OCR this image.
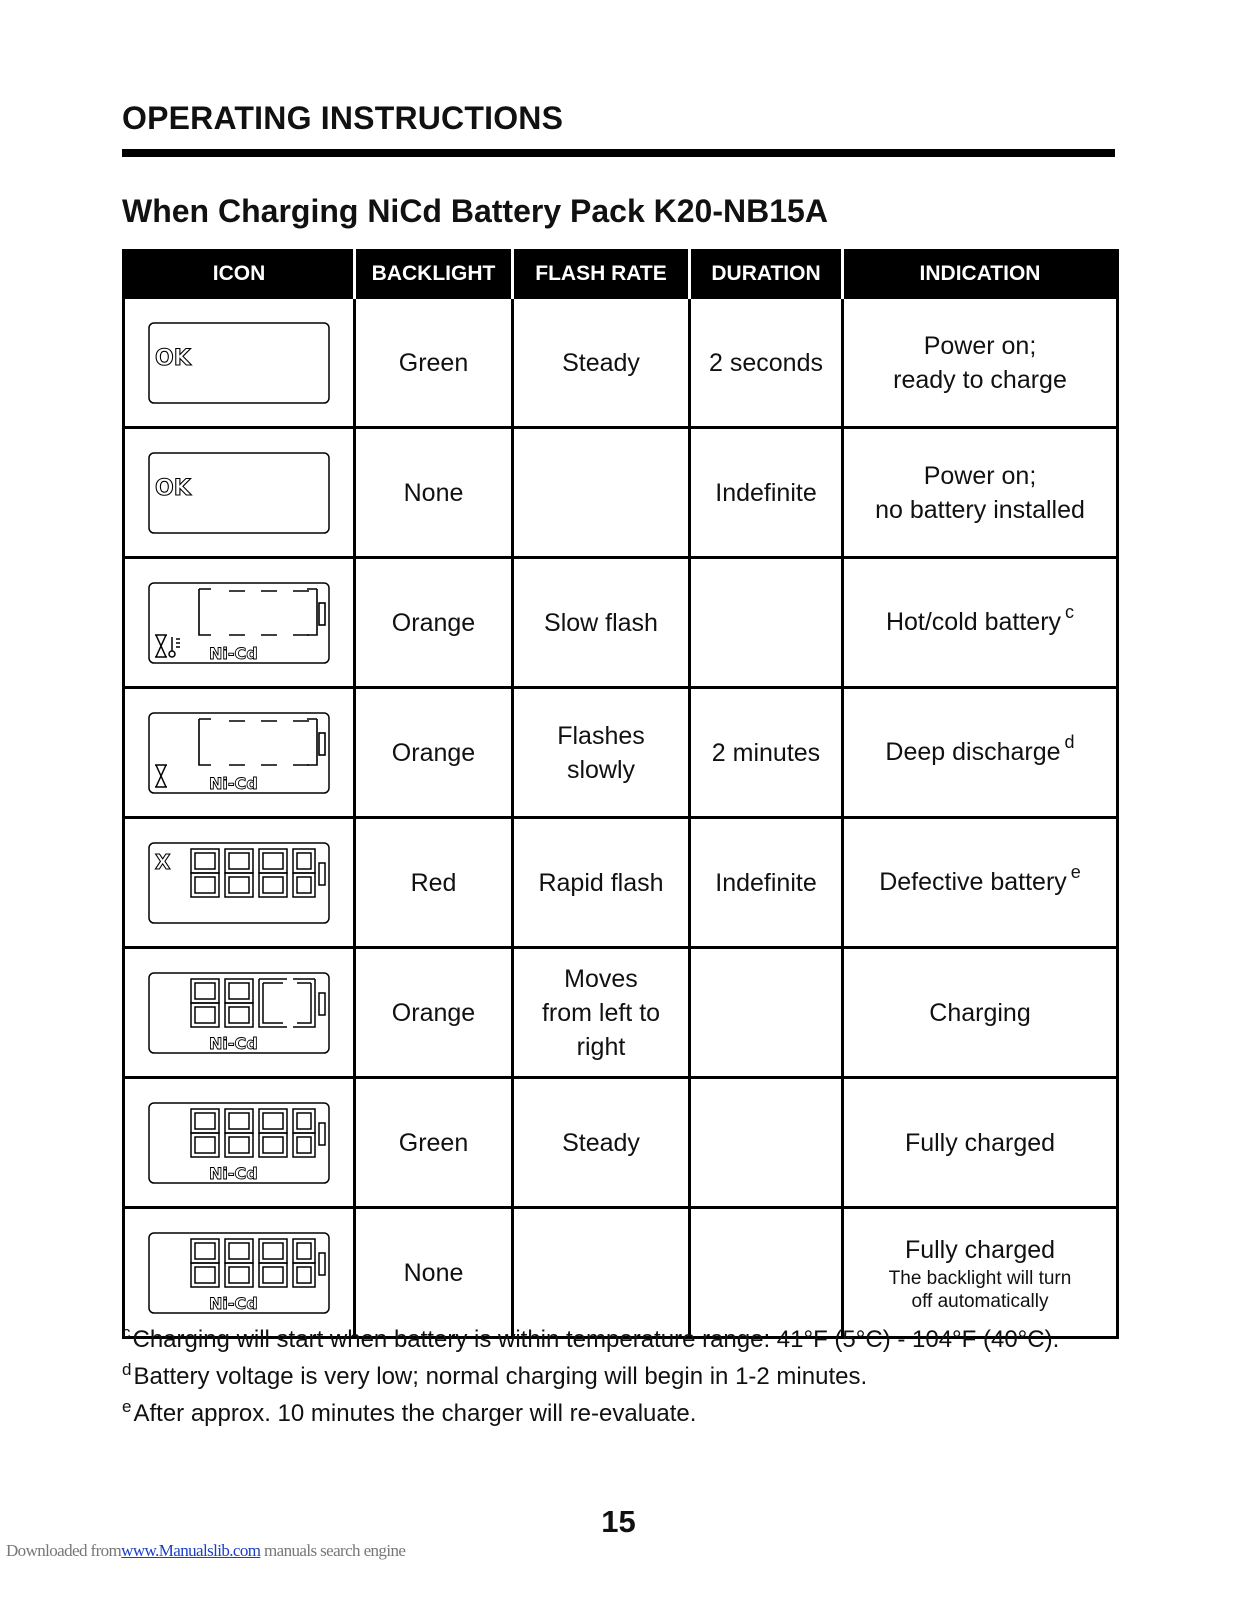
OPERATING INSTRUCTIONS
When Charging NiCd Battery Pack K20-NB15A
ICON	BACKLIGHT	FLASH RATE	DURATION	INDICATION

OK	Green	Steady	2 seconds	Power on;
ready to charge

OK	None		Indefinite	Power on;
no battery installed

Ni-Cd	Orange	Slow flash		Hot/cold battery $^c$

Ni-Cd	Orange	Flashes slowly	2 minutes	Deep discharge $^d$

X	Red	Rapid flash	Indefinite	Defective battery $^e$

Ni-Cd	Orange	Moves from left to right		Charging

Ni-Cd	Green	Steady		Fully charged

Ni-Cd	None			Fully charged
The backlight will turn off automatically
$^c$Charging will start when battery is within temperature range: 41°F (5°C) - 104°F (40°C).
$^d$Battery voltage is very low; normal charging will begin in 1-2 minutes.
$^e$After approx. 10 minutes the charger will re-evaluate.
15
Downloaded fromwww.Manualslib.com manuals search engine
